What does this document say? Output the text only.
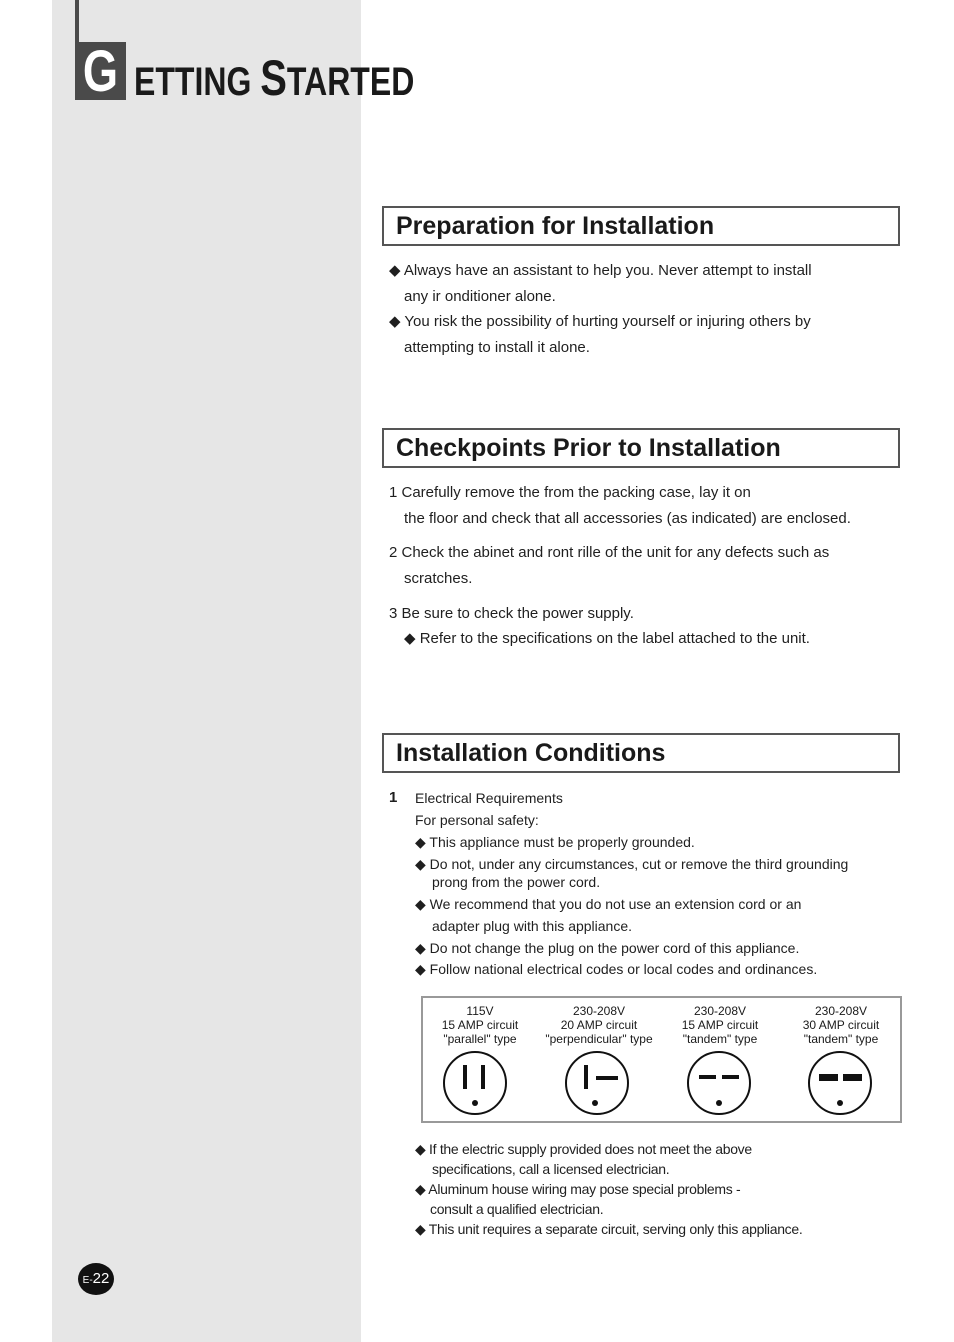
G ETTING STARTED
Preparation for Installation
◆ Always have an assistant to help you. Never attempt to install
any ir onditioner alone.
◆ You risk the possibility of hurting yourself or injuring others by
attempting to install it alone.
Checkpoints Prior to Installation
1 Carefully remove the from the packing case, lay it on
the floor and check that all accessories (as indicated) are enclosed.
2 Check the abinet and ront rille of the unit for any defects such as
scratches.
3 Be sure to check the power supply.
◆ Refer to the specifications on the label attached to the unit.
Installation Conditions
1 Electrical Requirements
For personal safety:
◆ This appliance must be properly grounded.
◆ Do not, under any circumstances, cut or remove the third grounding
prong from the power cord.
◆ We recommend that you do not use an extension cord or an
adapter plug with this appliance.
◆ Do not change the plug on the power cord of this appliance.
◆ Follow national electrical codes or local codes and ordinances.
115V
15 AMP circuit
"parallel" type
230-208V
20 AMP circuit
"perpendicular" type
230-208V
15 AMP circuit
"tandem" type
230-208V
30 AMP circuit
"tandem" type
◆ If the electric supply provided does not meet the above
specifications, call a licensed electrician.
◆ Aluminum house wiring may pose special problems -
consult a qualified electrician.
◆ This unit requires a separate circuit, serving only this appliance.
E-22
